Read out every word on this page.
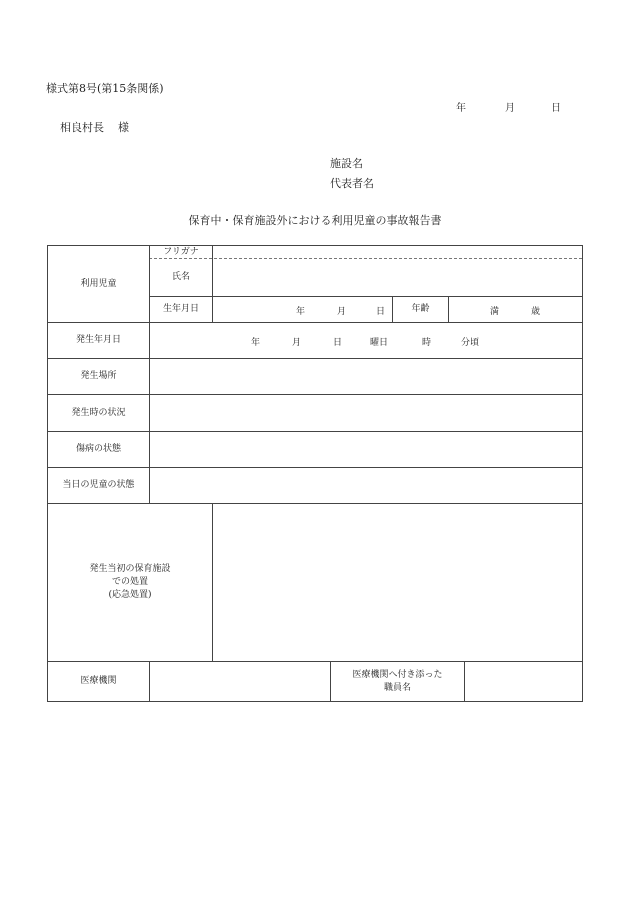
様式第8号(第15条関係)
年	月	日
相良村長 様
施設名
代表者名
保育中・保育施設外における利用児童の事故報告書
利用児童
フリガナ
氏名
生年月日	年	月	日	年齢	満	歳
発生年月日	年	月	日	曜日	時	分頃
発生場所
発生時の状況
傷病の状態
当日の児童の状態
発生当初の保育施設
での処置
(応急処置)
医療機関
医療機関へ付き添った
職員名
